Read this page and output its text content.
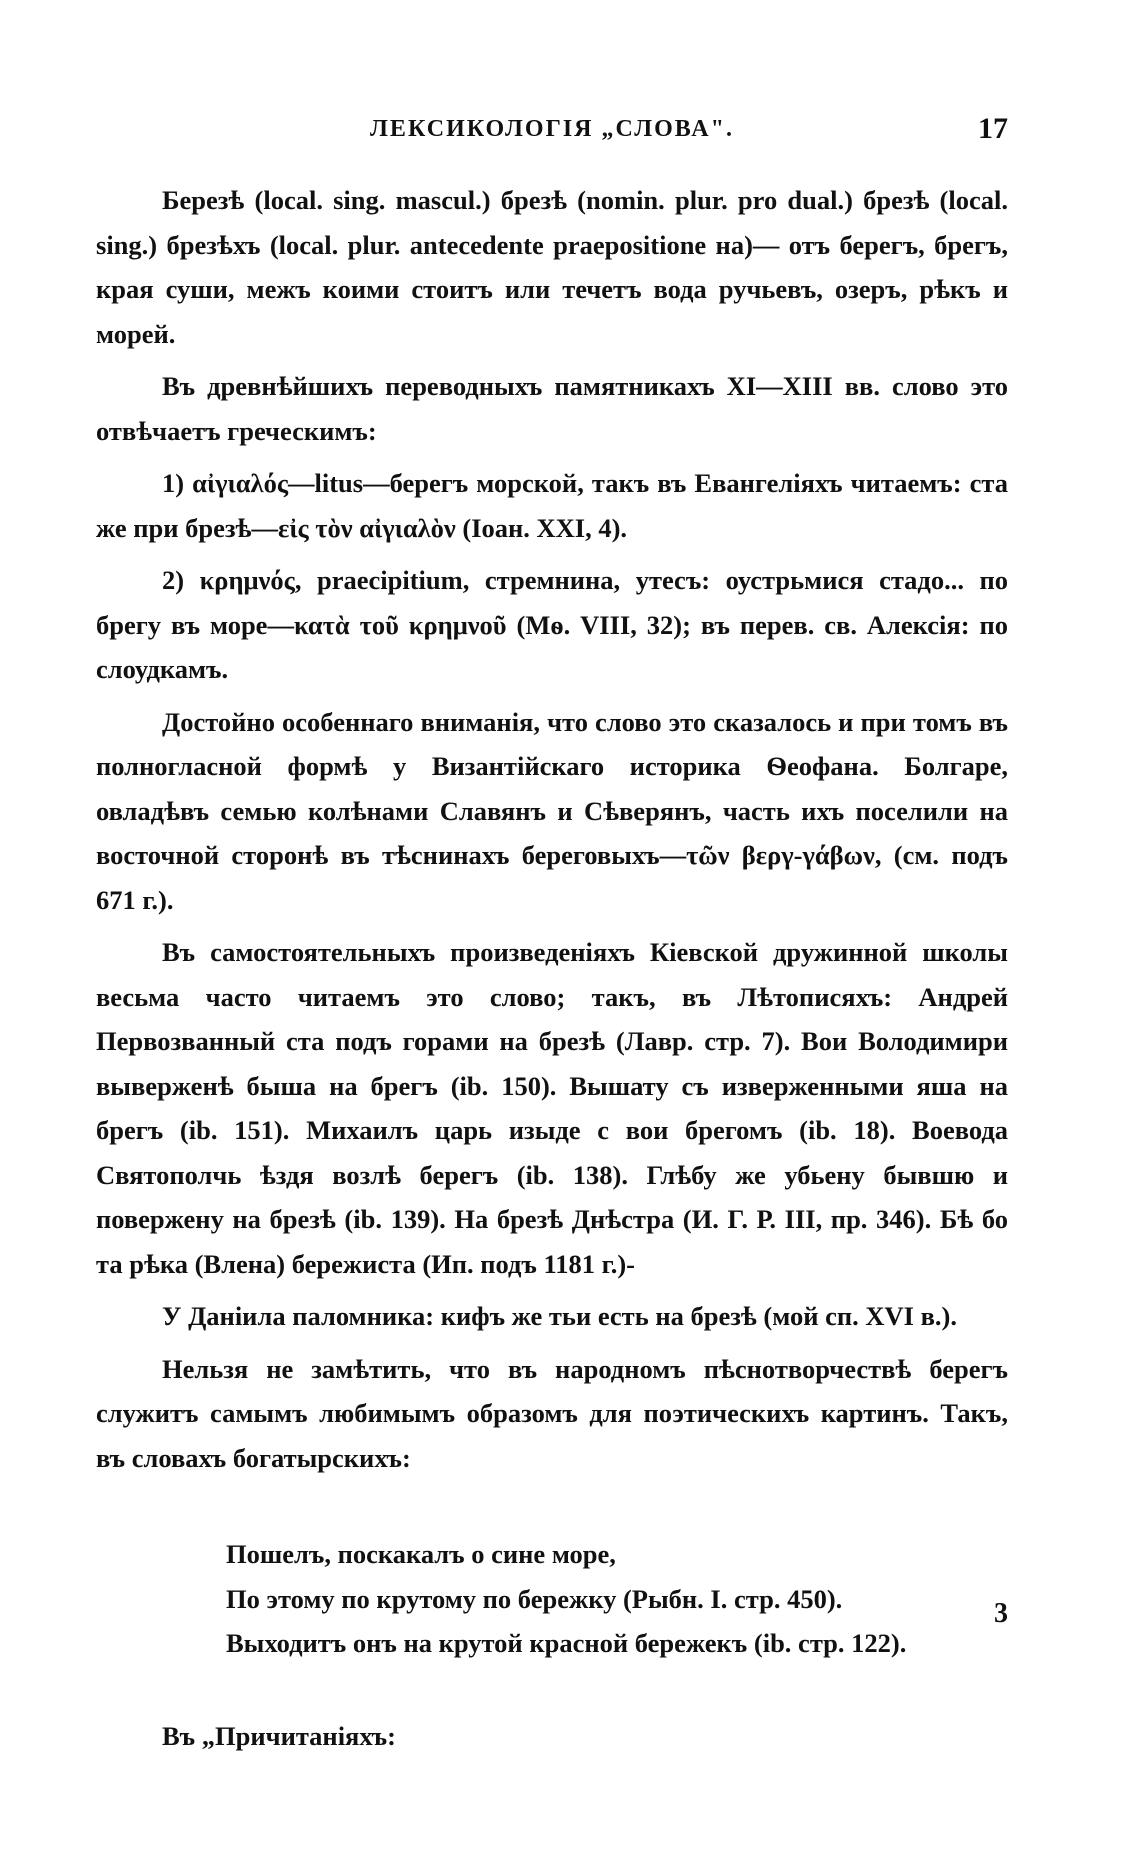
ЛЕКСИКОЛОГІЯ „СЛОВА".	17

Березѣ (local. sing. mascul.) брезѣ (nomin. plur. pro dual.) брезѣ (local. sing.) брезѣхъ (local. plur. antecedente praepositione на)— отъ берегъ, брегъ, края суши, межъ коими стоитъ или течетъ вода ручьевъ, озеръ, рѣкъ и морей.

Въ древнѣйшихъ переводныхъ памятникахъ XI—XIII вв. слово это отвѣчаетъ греческимъ:

1) αἰγιαλός—litus—берегъ морской, такъ въ Евангеліяхъ читаемъ: ста же при брезѣ—εἰς τὸν αἰγιαλὸν (Іоан. XXI, 4).

2) κρημνός, praecipitium, стремнина, утесъ: оустрьмися стадо... по брегу въ море—κατὰ τοῦ κρημνοῦ (Мѳ. VIII, 32); въ перев. св. Алексія: по слоудкамъ.

Достойно особеннаго вниманія, что слово это сказалось и при томъ въ полногласной формѣ у Византійскаго историка Ѳеофана. Болгаре, овладѣвъ семью колѣнами Славянъ и Сѣверянъ, часть ихъ поселили на восточной сторонѣ въ тѣснинахъ береговыхъ—τῶν βεργ-γάβων, (см. подъ 671 г.).

Въ самостоятельныхъ произведеніяхъ Кіевской дружинной школы весьма часто читаемъ это слово; такъ, въ Лѣтописяхъ: Андрей Первозванный ста подъ горами на брезѣ (Лавр. стр. 7). Вои Володимири выверженѣ быша на брегъ (ib. 150). Вышату съ изверженными яша на брегъ (ib. 151). Михаилъ царь изыде с вои брегомъ (ib. 18). Воевода Святополчь ѣздя возлѣ берегъ (ib. 138). Глѣбу же убьену бывшю и повержену на брезѣ (ib. 139). На брезѣ Днѣстра (И. Г. Р. III, пр. 346). Бѣ бо та рѣка (Влена) бережиста (Ип. подъ 1181 г.)-

У Даніила паломника: кифъ же тьи есть на брезѣ (мой сп. XVI в.).

Нельзя не замѣтить, что въ народномъ пѣснотворчествѣ берегъ служитъ самымъ любимымъ образомъ для поэтическихъ картинъ. Такъ, въ словахъ богатырскихъ:

Пошелъ, поскакалъ о сине море,
По этому по крутому по бережку (Рыбн. I. стр. 450).
Выходитъ онъ на крутой красной бережекъ (ib. стр. 122).

Въ „Причитаніяхъ:

3
